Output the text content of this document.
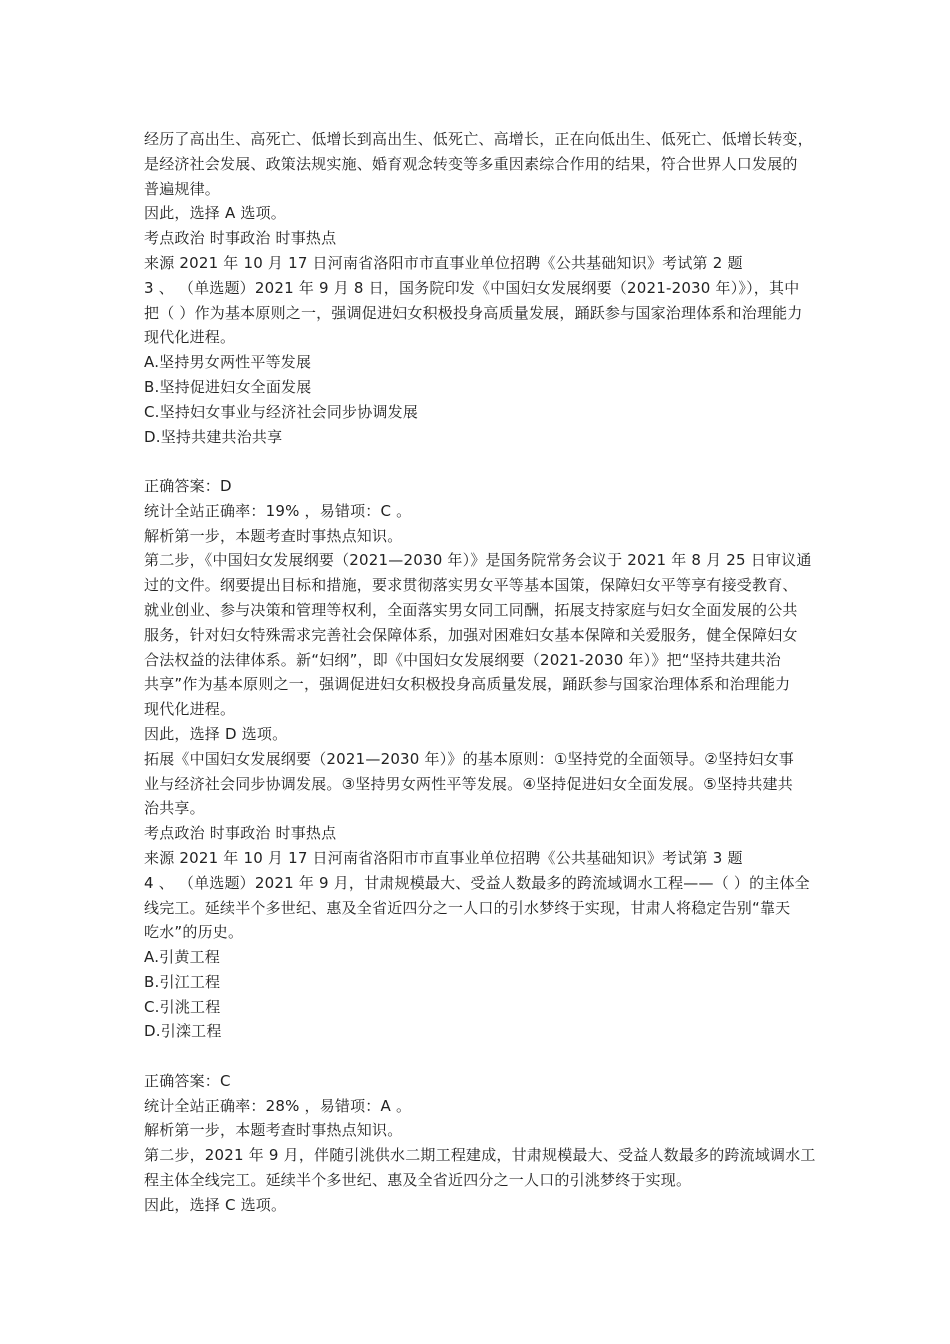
经历了高出生、高死亡、低增长到高出生、低死亡、高增长，正在向低出生、低死亡、低增长转变，
是经济社会发展、政策法规实施、婚育观念转变等多重因素综合作用的结果，符合世界人口发展的
普遍规律。
因此，选择 A 选项。
考点政治 时事政治 时事热点
来源 2021 年 10 月 17 日河南省洛阳市市直事业单位招聘《公共基础知识》考试第 2 题
3 、 （单选题）2021 年 9 月 8 日，国务院印发《中国妇女发展纲要（2021-2030 年）》），其中
把（ ）作为基本原则之一，强调促进妇女积极投身高质量发展，踊跃参与国家治理体系和治理能力
现代化进程。
A.坚持男女两性平等发展
B.坚持促进妇女全面发展
C.坚持妇女事业与经济社会同步协调发展
D.坚持共建共治共享
正确答案：D
统计全站正确率：19% ，易错项：C 。
解析第一步，本题考查时事热点知识。
第二步，《中国妇女发展纲要（2021—2030 年）》是国务院常务会议于 2021 年 8 月 25 日审议通
过的文件。纲要提出目标和措施，要求贯彻落实男女平等基本国策，保障妇女平等享有接受教育、
就业创业、参与决策和管理等权利，全面落实男女同工同酬，拓展支持家庭与妇女全面发展的公共
服务，针对妇女特殊需求完善社会保障体系，加强对困难妇女基本保障和关爱服务，健全保障妇女
合法权益的法律体系。新“妇纲”，即《中国妇女发展纲要（2021-2030 年）》把“坚持共建共治
共享”作为基本原则之一，强调促进妇女积极投身高质量发展，踊跃参与国家治理体系和治理能力
现代化进程。
因此，选择 D 选项。
拓展《中国妇女发展纲要（2021—2030 年）》的基本原则：①坚持党的全面领导。②坚持妇女事
业与经济社会同步协调发展。③坚持男女两性平等发展。④坚持促进妇女全面发展。⑤坚持共建共
治共享。
考点政治 时事政治 时事热点
来源 2021 年 10 月 17 日河南省洛阳市市直事业单位招聘《公共基础知识》考试第 3 题
4 、 （单选题）2021 年 9 月，甘肃规模最大、受益人数最多的跨流域调水工程——（ ）的主体全
线完工。延续半个多世纪、惠及全省近四分之一人口的引水梦终于实现，甘肃人将稳定告别“靠天
吃水”的历史。
A.引黄工程
B.引江工程
C.引洮工程
D.引滦工程
正确答案：C
统计全站正确率：28% ，易错项：A 。
解析第一步，本题考查时事热点知识。
第二步，2021 年 9 月，伴随引洮供水二期工程建成，甘肃规模最大、受益人数最多的跨流域调水工
程主体全线完工。延续半个多世纪、惠及全省近四分之一人口的引洮梦终于实现。
因此，选择 C 选项。
